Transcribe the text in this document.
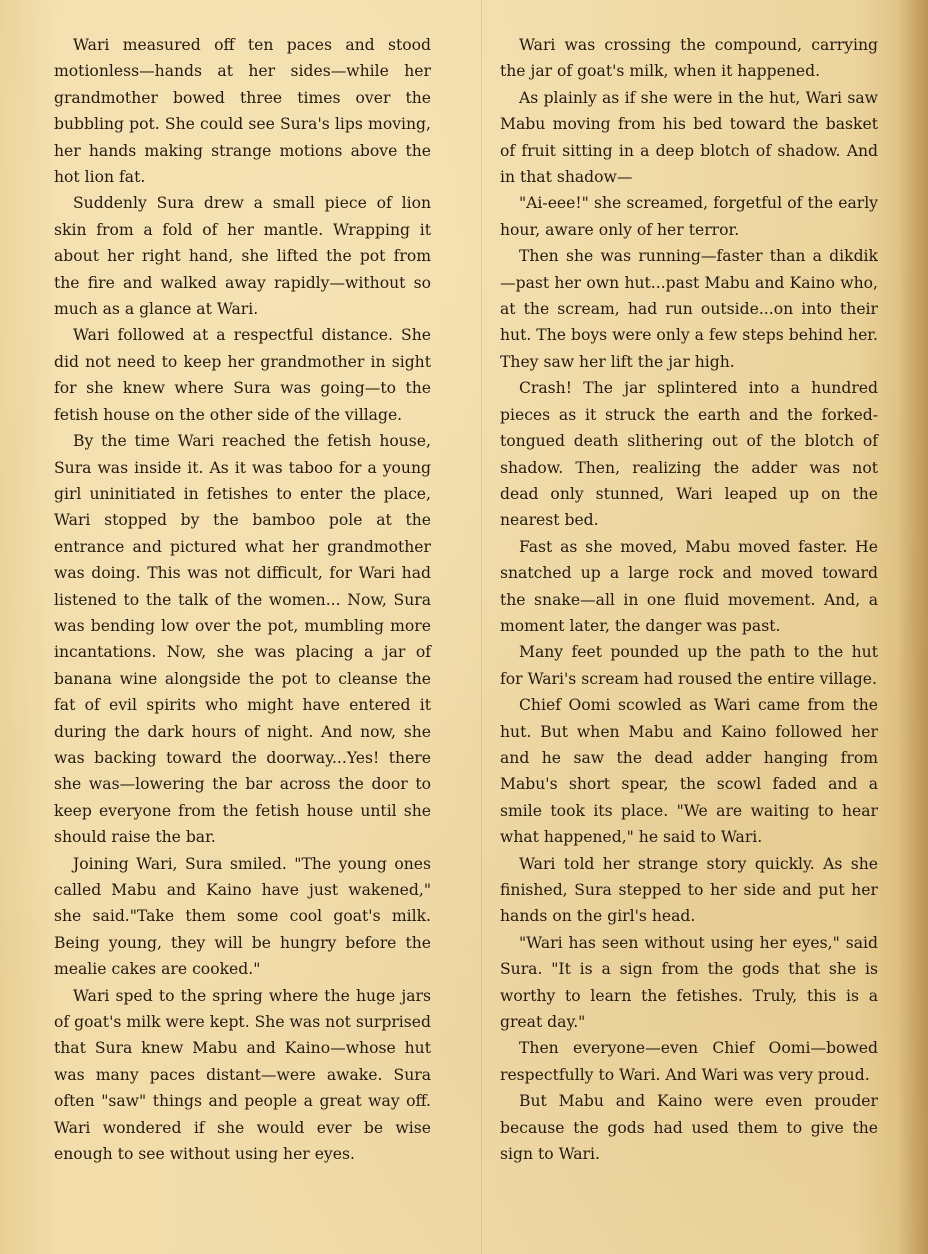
Wari measured off ten paces and stood motionless—hands at her sides—while her grandmother bowed three times over the bubbling pot. She could see Sura's lips moving, her hands making strange motions above the hot lion fat.

Suddenly Sura drew a small piece of lion skin from a fold of her mantle. Wrapping it about her right hand, she lifted the pot from the fire and walked away rapidly—without so much as a glance at Wari.

Wari followed at a respectful distance. She did not need to keep her grandmother in sight for she knew where Sura was going—to the fetish house on the other side of the village.

By the time Wari reached the fetish house, Sura was inside it. As it was taboo for a young girl uninitiated in fetishes to enter the place, Wari stopped by the bamboo pole at the entrance and pictured what her grandmother was doing. This was not difficult, for Wari had listened to the talk of the women... Now, Sura was bending low over the pot, mumbling more incantations. Now, she was placing a jar of banana wine alongside the pot to cleanse the fat of evil spirits who might have entered it during the dark hours of night. And now, she was backing toward the doorway...Yes! there she was—lowering the bar across the door to keep everyone from the fetish house until she should raise the bar.

Joining Wari, Sura smiled. "The young ones called Mabu and Kaino have just wakened," she said."Take them some cool goat's milk. Being young, they will be hungry before the mealie cakes are cooked."

Wari sped to the spring where the huge jars of goat's milk were kept. She was not surprised that Sura knew Mabu and Kaino—whose hut was many paces distant—were awake. Sura often "saw" things and people a great way off. Wari wondered if she would ever be wise enough to see without using her eyes.

Wari was crossing the compound, carrying the jar of goat's milk, when it happened.

As plainly as if she were in the hut, Wari saw Mabu moving from his bed toward the basket of fruit sitting in a deep blotch of shadow. And in that shadow—

"Ai-eee!" she screamed, forgetful of the early hour, aware only of her terror.

Then she was running—faster than a dikdik—past her own hut...past Mabu and Kaino who, at the scream, had run outside...on into their hut. The boys were only a few steps behind her. They saw her lift the jar high.

Crash! The jar splintered into a hundred pieces as it struck the earth and the forked-tongued death slithering out of the blotch of shadow. Then, realizing the adder was not dead only stunned, Wari leaped up on the nearest bed.

Fast as she moved, Mabu moved faster. He snatched up a large rock and moved toward the snake—all in one fluid movement. And, a moment later, the danger was past.

Many feet pounded up the path to the hut for Wari's scream had roused the entire village.

Chief Oomi scowled as Wari came from the hut. But when Mabu and Kaino followed her and he saw the dead adder hanging from Mabu's short spear, the scowl faded and a smile took its place. "We are waiting to hear what happened," he said to Wari.

Wari told her strange story quickly. As she finished, Sura stepped to her side and put her hands on the girl's head.

"Wari has seen without using her eyes," said Sura. "It is a sign from the gods that she is worthy to learn the fetishes. Truly, this is a great day."

Then everyone—even Chief Oomi—bowed respectfully to Wari. And Wari was very proud.

But Mabu and Kaino were even prouder because the gods had used them to give the sign to Wari.
